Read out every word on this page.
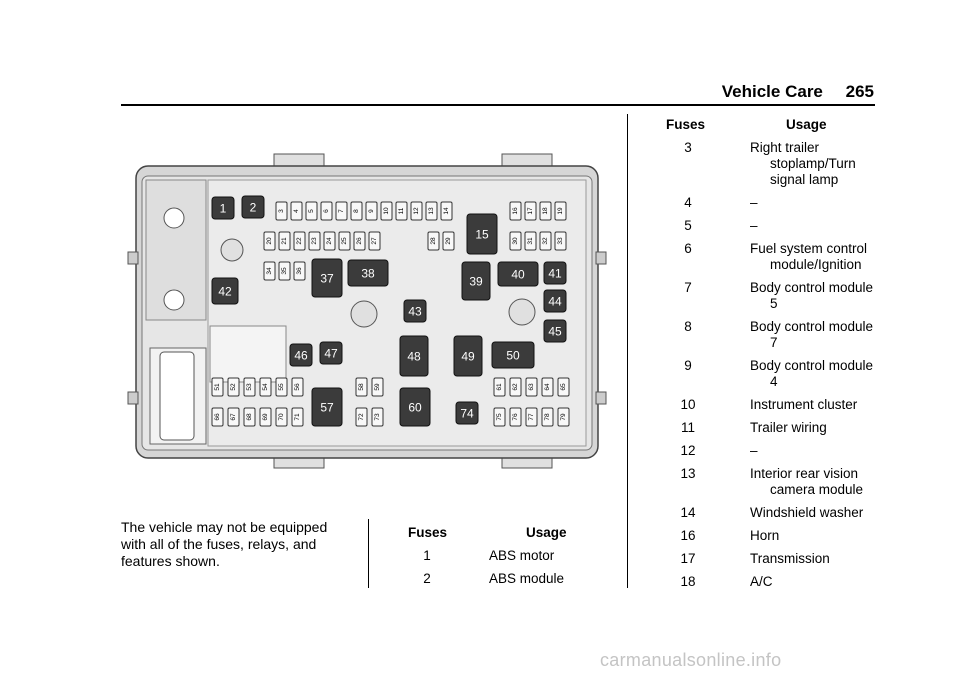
Vehicle Care 265
1 2
15
37 38
39 40 41
42
43
44
45
46 47	48	49	50
57	60	74
3 4 5 6 7 8 9 10 11 12 13 14	16 17 18 19
20 21 22 23 24 25 26 27	28 29	30 31 32 33
34 35 36
51 52 53 54 55 56
66 67 68 69 70 71
58 59
72 73
61 62 63 64 65
75 76 77 78 79
The vehicle may not be equipped with all of the fuses, relays, and features shown.
Fuses	Usage
1	ABS motor
2	ABS module
Fuses	Usage
3	Right trailer stoplamp/Turn signal lamp
4	–
5	–
6	Fuel system control module/Ignition
7	Body control module 5
8	Body control module 7
9	Body control module 4
10	Instrument cluster
11	Trailer wiring
12	–
13	Interior rear vision camera module
14	Windshield washer
16	Horn
17	Transmission
18	A/C
carmanualsonline.info
